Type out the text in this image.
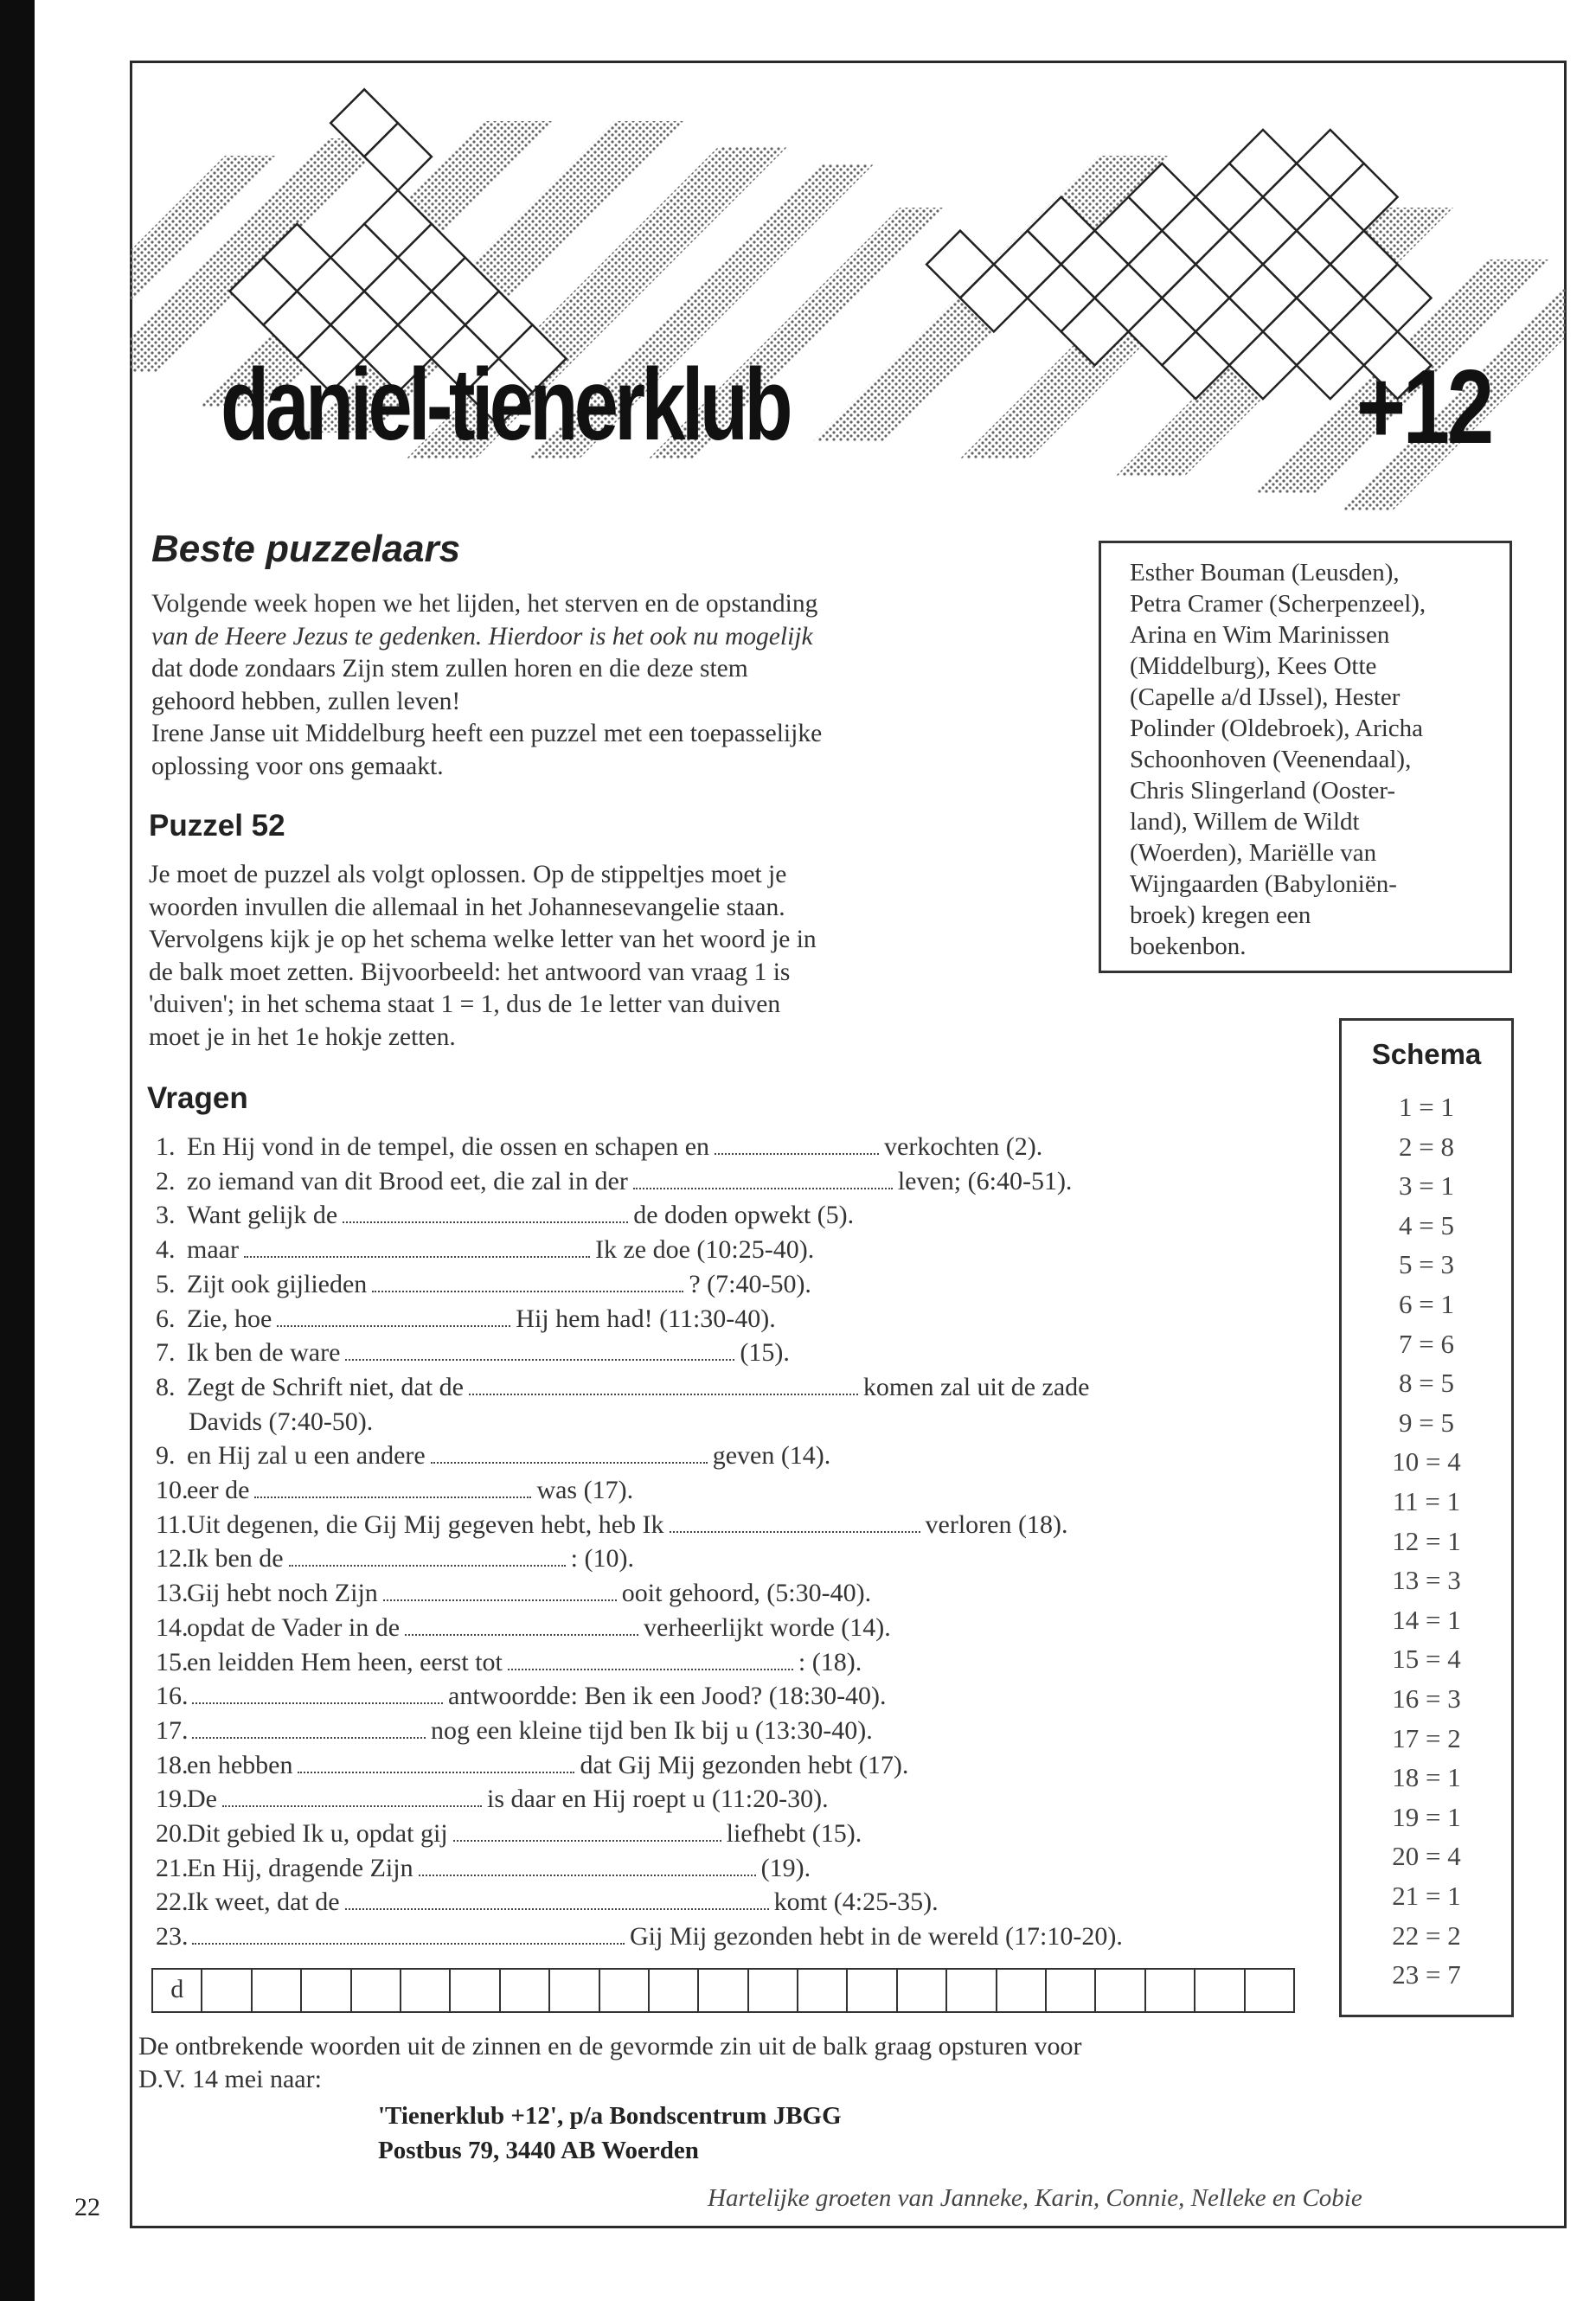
daniel-tienerklub	+12
Beste puzzelaars

Volgende week hopen we het lijden, het sterven en de opstanding

van de Heere Jezus te gedenken. Hierdoor is het ook nu mogelijk

dat dode zondaars Zijn stem zullen horen en die deze stem

gehoord hebben, zullen leven!

Irene Janse uit Middelburg heeft een puzzel met een toepasselijke

oplossing voor ons gemaakt.

Puzzel 52

Je moet de puzzel als volgt oplossen. Op de stippeltjes moet je

woorden invullen die allemaal in het Johannesevangelie staan.

Vervolgens kijk je op het schema welke letter van het woord je in

de balk moet zetten. Bijvoorbeeld: het antwoord van vraag 1 is

'duiven'; in het schema staat 1 = 1, dus de 1e letter van duiven

moet je in het 1e hokje zetten.

Esther Bouman (Leusden),
Petra Cramer (Scherpenzeel),
Arina en Wim Marinissen
(Middelburg), Kees Otte
(Capelle a/d IJssel), Hester
Polinder (Oldebroek), Aricha
Schoonhoven (Veenendaal),
Chris Slingerland (Ooster-
land), Willem de Wildt
(Woerden), Mariëlle van
Wijngaarden (Babyloniën-
broek) kregen een
boekenbon.
Schema
1 = 1
2 = 8
3 = 1
4 = 5
5 = 3
6 = 1
7 = 6
8 = 5
9 = 5
10 = 4
11 = 1
12 = 1
13 = 3
14 = 1
15 = 4
16 = 3
17 = 2
18 = 1
19 = 1
20 = 4
21 = 1
22 = 2
23 = 7
Vragen
1. En Hij vond in de tempel, die ossen en schapen en	verkochten (2).
2. zo iemand van dit Brood eet, die zal in der	leven; (6:40-51).
3. Want gelijk de	de doden opwekt (5).
4. maar	Ik ze doe (10:25-40).
5. Zijt ook gijlieden	? (7:40-50).
6. Zie, hoe	Hij hem had! (11:30-40).
7. Ik ben de ware	(15).
8. Zegt de Schrift niet, dat de	komen zal uit de zade
Davids (7:40-50).
9. en Hij zal u een andere	geven (14).
10.eer de	was (17).
11.Uit degenen, die Gij Mij gegeven hebt, heb Ik	verloren (18).
12.Ik ben de	: (10).
13.Gij hebt noch Zijn	ooit gehoord, (5:30-40).
14.opdat de Vader in de	verheerlijkt worde (14).
15.en leidden Hem heen, eerst tot	: (18).
16.	antwoordde: Ben ik een Jood? (18:30-40).
17.	nog een kleine tijd ben Ik bij u (13:30-40).
18.en hebben	dat Gij Mij gezonden hebt (17).
19.De	is daar en Hij roept u (11:20-30).
20.Dit gebied Ik u, opdat gij	liefhebt (15).
21.En Hij, dragende Zijn	(19).
22.Ik weet, dat de	komt (4:25-35).
23.	Gij Mij gezonden hebt in de wereld (17:10-20).
d
De ontbrekende woorden uit de zinnen en de gevormde zin uit de balk graag opsturen voor
D.V. 14 mei naar:
'Tienerklub +12', p/a Bondscentrum JBGG
Postbus 79, 3440 AB Woerden
Hartelijke groeten van Janneke, Karin, Connie, Nelleke en Cobie
22
